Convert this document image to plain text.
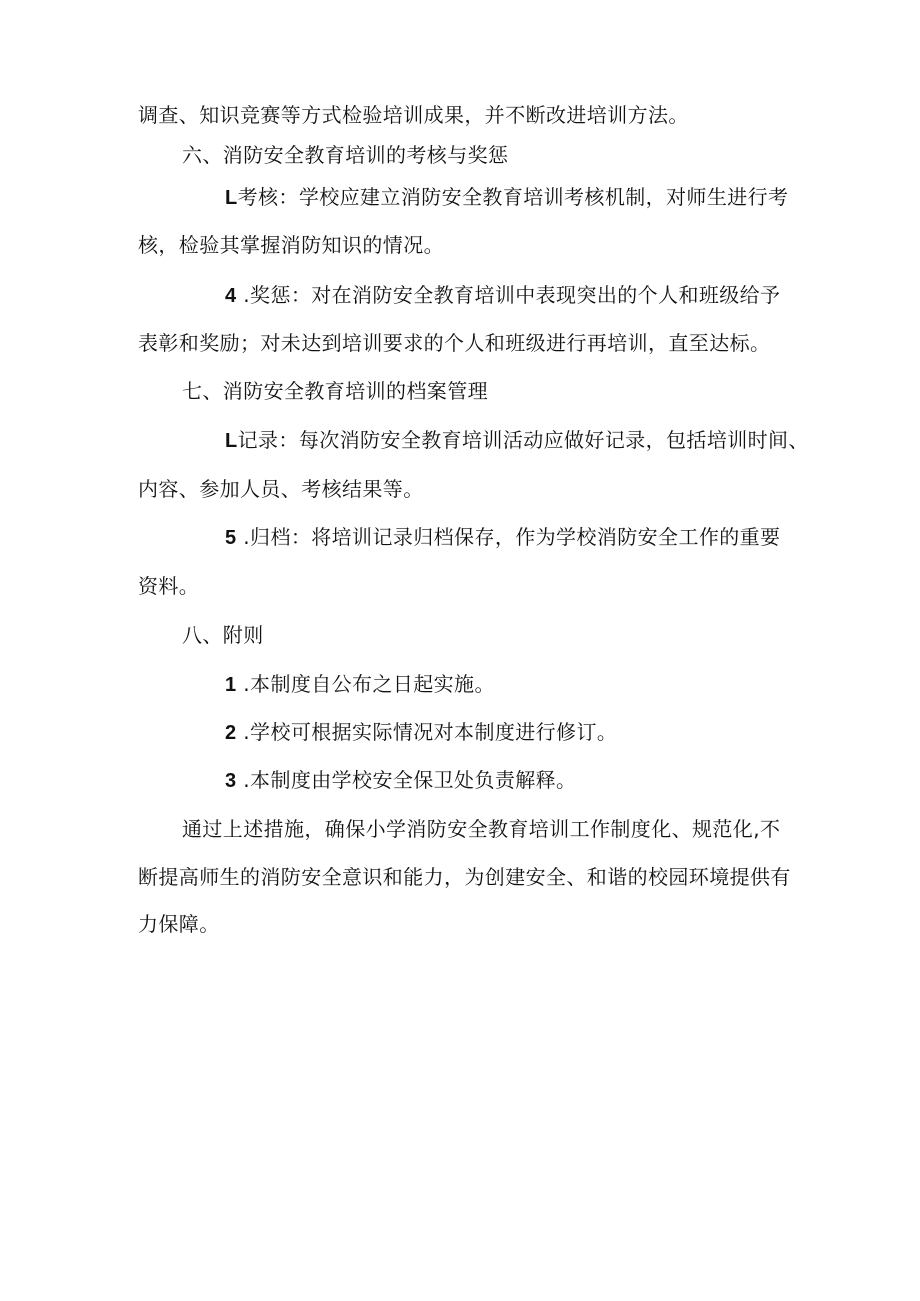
调查、知识竞赛等方式检验培训成果，并不断改进培训方法。
六、消防安全教育培训的考核与奖惩
L考核：学校应建立消防安全教育培训考核机制，对师生进行考
核，检验其掌握消防知识的情况。
4 .奖惩：对在消防安全教育培训中表现突出的个人和班级给予
表彰和奖励；对未达到培训要求的个人和班级进行再培训，直至达标。
七、消防安全教育培训的档案管理
L记录：每次消防安全教育培训活动应做好记录，包括培训时间、
内容、参加人员、考核结果等。
5 .归档：将培训记录归档保存，作为学校消防安全工作的重要
资料。
八、附则
1 .本制度自公布之日起实施。
2 .学校可根据实际情况对本制度进行修订。
3 .本制度由学校安全保卫处负责解释。
通过上述措施，确保小学消防安全教育培训工作制度化、规范化,不
断提高师生的消防安全意识和能力，为创建安全、和谐的校园环境提供有
力保障。
